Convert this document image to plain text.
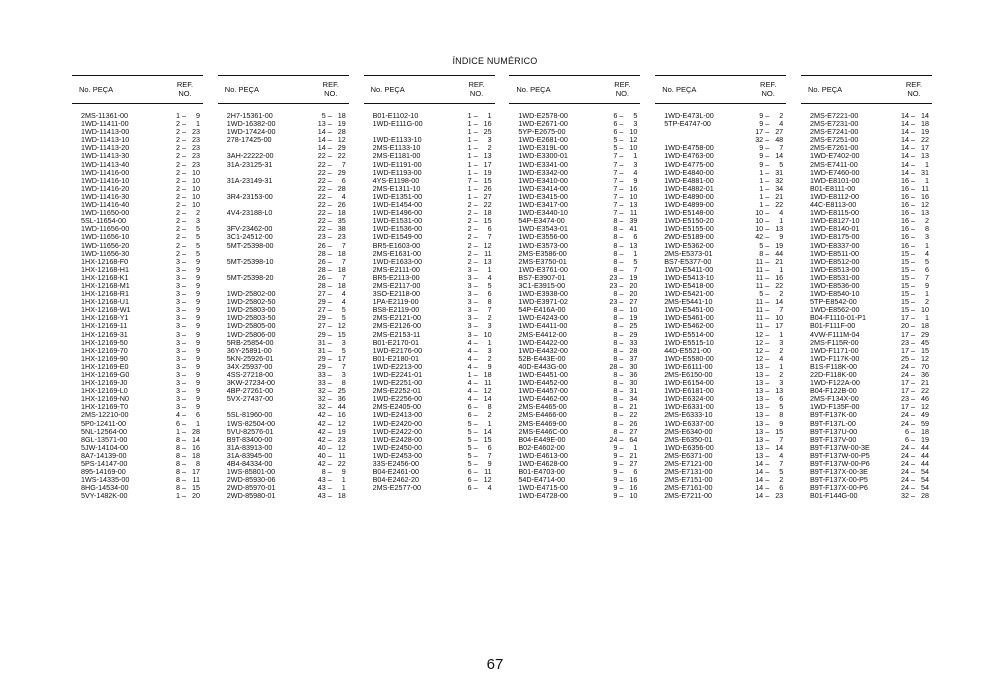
ÍNDICE NUMÉRICO
No. PEÇA
REF.
NO.
2MS-11361-00	1 –	9
1WD-11411-00	2 –	1
1WD-11413-00	2 – 23
1WD-11413-10	2 – 23
1WD-11413-20	2 – 23
1WD-11413-30	2 – 23
1WD-11413-40	2 – 23
1WD-11416-00	2 – 10
1WD-11416-10	2 – 10
1WD-11416-20	2 – 10
1WD-11416-30	2 – 10
1WD-11416-40	2 – 10
1WD-11650-00	2 –	2
5SL-11654-00	2 –	3
1WD-11656-00	2 –	5
1WD-11656-10	2 –	5
1WD-11656-20	2 –	5
1WD-11656-30	2 –	5
1HX-12168-F0	3 –	9
1HX-12168-H1	3 –	9
1HX-12168-K1	3 –	9
1HX-12168-M1	3 –	9
1HX-12168-R1	3 –	9
1HX-12168-U1	3 –	9
1HX-12168-W1	3 –	9
1HX-12168-Y1	3 –	9
1HX-12169-11	3 –	9
1HX-12169-31	3 –	9
1HX-12169-50	3 –	9
1HX-12169-70	3 –	9
1HX-12169-90	3 –	9
1HX-12169-E0	3 –	9
1HX-12169-G0	3 –	9
1HX-12169-J0	3 –	9
1HX-12169-L0	3 –	9
1HX-12169-N0	3 –	9
1HX-12169-T0	3 –	9
2MS-12210-00	4 –	6
5P0-12411-00	6 –	1
5NL-12564-00	1 – 28
8GL-13571-00	8 – 14
5JW-14104-00	8 – 16
8A7-14139-00	8 – 18
5PS-14147-00	8 –	8
895-14169-00	8 – 17
1WS-14335-00	8 – 11
8HG-14534-00	8 – 15
5VY-1482K-00	1 – 20
No. PEÇA
REF.
NO.
2H7-15361-00	5 – 18
1WD-16382-00	13 – 19
1WD-17424-00	14 – 28
278-17425-00	14 – 12
14 – 29
3AH-22222-00	22 – 22
31A-23125-31	22 –	7
22 – 29
31A-23149-31	22 –	6
22 – 28
3R4-23153-00	22 –	4
22 – 26
4V4-23188-L0	22 – 18
22 – 35
3FV-23462-00	22 – 38
3C1-24512-00	23 – 23
5MT-25398-00	26 –	7
28 – 18
5MT-25398-10	26 –	7
28 – 18
5MT-25398-20	26 –	7
28 – 18
1WD-25802-00	27 –	4
1WD-25802-50	29 –	4
1WD-25803-00	27 –	5
1WD-25803-50	29 –	5
1WD-25805-00	27 – 12
1WD-25806-00	29 – 15
5RB-25854-00	31 –	3
36Y-25891-00	31 –	5
5KN-25926-01	29 – 17
34X-25937-00	29 –	7
4SS-27218-00	33 –	3
3KW-27234-00	33 –	8
4BP-27261-00	32 – 25
5VX-27437-00	32 – 36
32 – 44
5SL-81960-00	42 – 16
1WS-82504-00	42 – 12
5VU-82576-01	42 – 19
B9T-83400-00	42 – 23
31A-83913-00	40 – 12
31A-83945-00	40 – 11
4B4-84334-00	42 – 22
1WS-85801-00	8 –	9
2WD-85930-06	43 –	1
2WD-85970-01	43 –	1
2WD-85980-01	43 – 18
No. PEÇA
REF.
NO.
B01-E1102-10	1 –	1
1WD-E111G-00	1 – 16
1 – 25
1WD-E1133-10	1 –	3
2MS-E1133-10	1 –	2
2MS-E1181-00	1 – 13
1WD-E1191-00	1 – 17
1WD-E1193-00	1 – 19
4YS-E1198-00	7 – 15
2MS-E1311-10	1 – 26
1WD-E1351-00	1 – 27
1WD-E1454-00	2 – 22
1WD-E1496-00	2 – 18
1WD-E1531-00	2 – 15
1WD-E1536-00	2 –	6
1WD-E1549-00	2 –	7
BR5-E1603-00	2 – 12
2MS-E1631-00	2 – 11
1WD-E1633-00	2 – 13
2MS-E2111-00	3 –	1
BR5-E2113-00	3 –	4
2MS-E2117-00	3 –	5
3SO-E2118-00	3 –	6
1PA-E2119-00	3 –	8
BS8-E2119-00	3 –	7
2MS-E2121-00	3 –	2
2MS-E2126-00	3 –	3
2MS-E2153-11	3 – 10
B01-E2170-01	4 –	1
1WD-E2176-00	4 –	3
B01-E2180-01	4 –	2
1WD-E2213-00	4 –	9
1WD-E2241-01	1 – 18
1WD-E2251-00	4 – 11
2MS-E2252-01	4 – 12
1WD-E2256-00	4 – 14
2MS-E2405-00	6 –	8
1WD-E2413-00	6 –	2
1WD-E2420-00	5 –	1
1WD-E2422-00	5 – 14
1WD-E2428-00	5 – 15
1WD-E2450-00	5 –	6
1WD-E2453-00	5 –	7
33S-E2456-00	5 –	9
B04-E2461-00	6 – 11
B04-E2462-20	6 – 12
2MS-E2577-00	6 –	4
No. PEÇA
REF.
NO.
1WD-E2578-00	6 –	5
1WD-E2671-00	6 –	3
5YP-E2675-00	6 – 10
1WD-E2681-00	5 – 12
1WD-E319L-00	5 – 10
1WD-E3300-01	7 –	1
1WD-E3341-00	7 –	3
1WD-E3342-00	7 –	4
1WD-E3410-00	7 –	9
1WD-E3414-00	7 – 16
1WD-E3415-00	7 – 10
1WD-E3417-00	7 – 13
1WD-E3440-10	7 – 11
54P-E3474-00	8 – 39
1WD-E3543-01	8 – 41
1WD-E3556-00	8 –	6
1WD-E3573-00	8 – 13
2MS-E3586-00	8 –	1
2MS-E3750-01	8 –	5
1WD-E3761-00	8 –	7
BS7-E3907-01	23 – 19
3C1-E3915-00	23 – 20
1WD-E3938-00	8 – 20
1WD-E3971-02	23 – 27
54P-E416A-00	8 – 10
1WD-E4243-00	8 – 19
1WD-E4411-00	8 – 25
2MS-E4412-00	8 – 29
1WD-E4422-00	8 – 33
1WD-E4432-00	8 – 28
52B-E443E-00	8 – 37
40D-E443G-00	28 – 30
1WD-E4451-00	8 – 36
1WD-E4452-00	8 – 30
1WD-E4457-00	8 – 31
1WD-E4462-00	8 – 34
2MS-E4465-00	8 – 21
2MS-E4466-00	8 – 22
2MS-E4469-00	8 – 26
2MS-E446C-00	8 – 27
B04-E449E-00	24 – 64
B02-E4602-00	9 –	1
1WD-E4613-00	9 – 21
1WD-E4628-00	9 – 27
B01-E4703-00	9 –	6
54D-E4714-00	9 – 16
1WD-E4715-00	9 – 16
1WD-E4728-00	9 – 10
No. PEÇA
REF.
NO.
1WD-E473L-00	9 –	2
5TP-E4747-00	9 –	4
17 – 27
32 – 48
1WD-E4758-00	9 –	7
1WD-E4763-00	9 – 14
1WD-E4775-00	9 –	5
1WD-E4840-00	1 – 31
1WD-E4881-00	1 – 32
1WD-E4882-01	1 – 34
1WD-E4890-00	1 – 21
1WD-E4899-00	1 – 22
1WD-E5148-00	10 –	4
1WD-E5150-20	10 –	1
1WD-E5155-00	10 – 13
2WD-E5189-00	42 –	9
1WD-E5362-00	5 – 19
2MS-E5373-01	8 – 44
BS7-E5377-00	11 – 21
1WD-E5411-00	11 –	1
1WD-E5413-10	11 – 16
1WD-E5418-00	11 – 22
1WD-E5421-00	5 –	2
2MS-E5441-10	11 – 14
1WD-E5451-00	11 –	7
1WD-E5461-00	11 – 10
1WD-E5462-00	11 – 17
1WD-E5514-00	12 –	1
1WD-E5515-10	12 –	3
44D-E5521-00	12 –	2
1WD-E5580-00	12 –	4
1WD-E6111-00	13 –	1
2MS-E6150-00	13 –	2
1WD-E6154-00	13 –	3
1WD-E6181-00	13 – 13
1WD-E6324-00	13 –	6
1WD-E6331-00	13 –	5
2MS-E6333-10	13 –	8
1WD-E6337-00	13 –	9
2MS-E6340-00	13 – 15
2MS-E6350-01	13 –	7
1WD-E6356-00	13 – 14
2MS-E6371-00	13 –	4
2MS-E7121-00	14 –	7
2MS-E7131-00	14 –	5
2MS-E7151-00	14 –	2
2MS-E7161-00	14 –	6
2MS-E7211-00	14 – 23
No. PEÇA
REF.
NO.
2MS-E7221-00	14 – 14
2MS-E7231-00	14 – 18
2MS-E7241-00	14 – 19
2MS-E7251-00	14 – 22
2MS-E7261-00	14 – 17
1WD-E7402-00	14 – 13
2MS-E7411-00	14 –	1
1WD-E7460-00	14 – 31
1WD-E8101-00	16 –	1
B01-E8111-00	16 – 11
1WD-E8112-00	16 – 16
44C-E8113-00	16 – 12
1WD-E8115-00	16 – 13
1WD-E8127-10	16 –	2
1WD-E8140-01	16 –	8
1WD-E8175-00	16 –	3
1WD-E8337-00	16 –	1
1WD-E8511-00	15 –	4
1WD-E8512-00	15 –	5
1WD-E8513-00	15 –	6
1WD-E8531-00	15 –	7
1WD-E8536-00	15 –	9
1WD-E8540-10	15 –	1
5TP-E8542-00	15 –	2
1WD-E8562-00	15 – 10
B04-F1110-01-P1	17 –	1
B01-F111F-00	20 – 18
4VW-F111M-04	17 – 29
2MS-F115R-00	23 – 45
1WD-F1171-00	17 – 15
1WD-F117K-00	25 – 12
B1S-F118K-00	24 – 70
22D-F118K-00	24 – 36
1WD-F122A-00	17 – 21
B04-F122B-00	17 – 22
2MS-F134X-00	23 – 46
1WD-F135F-00	17 – 12
B9T-F137K-00	24 – 49
B9T-F137L-00	24 – 59
B9T-F137U-00	6 – 18
B9T-F137V-00	6 – 19
B9T-F137W-00-3E	24 – 44
B9T-F137W-00-P5	24 – 44
B9T-F137W-00-P6	24 – 44
B9T-F137X-00-3E	24 – 54
B9T-F137X-00-P5	24 – 54
B9T-F137X-00-P6	24 – 54
B01-F144G-00	32 – 28
67
